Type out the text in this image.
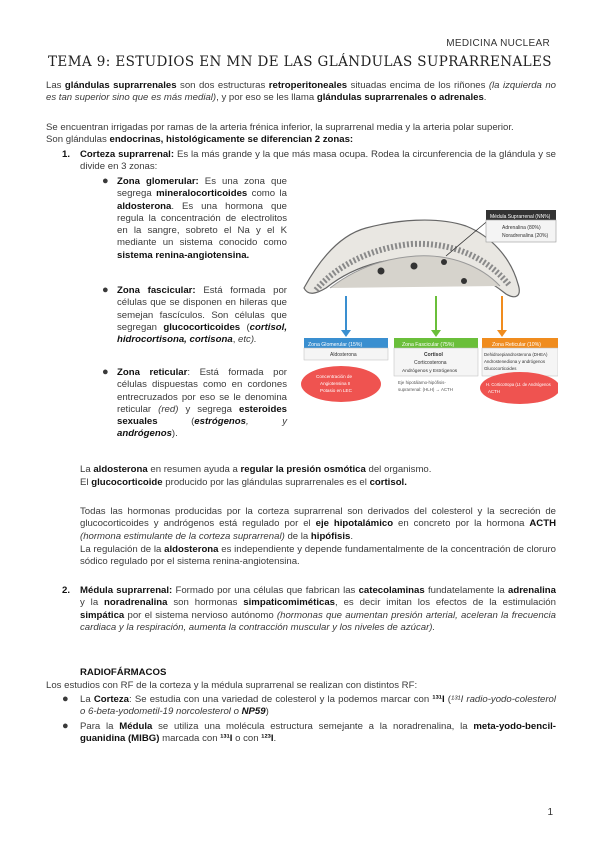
MEDICINA NUCLEAR
TEMA 9: ESTUDIOS EN MN DE LAS GLÁNDULAS SUPRARRENALES
Las glándulas suprarrenales son dos estructuras retroperitoneales situadas encima de los riñones (la izquierda no es tan superior sino que es más medial), y por eso se les llama glándulas suprarrenales o adrenales.
Se encuentran irrigadas por ramas de la arteria frénica inferior, la suprarrenal media y la arteria polar superior.
Son glándulas endocrinas, histológicamente se diferencian 2 zonas:
1. Corteza suprarrenal: Es la más grande y la que más masa ocupa. Rodea la circunferencia de la glándula y se divide en 3 zonas:
● Zona glomerular: Es una zona que segrega mineralocorticoides como la aldosterona. Es una hormona que regula la concentración de electrolitos en la sangre, sobreto el Na y el K mediante un sistema conocido como sistema renina-angiotensina.
● Zona fascicular: Está formada por células que se disponen en hileras que semejan fascículos. Son células que segregan glucocorticoides (cortisol, hidrocortisona, cortisona, etc).
● Zona reticular: Está formada por células dispuestas como en cordones entrecruzados por eso se le denomina reticular (red) y segrega esteroides sexuales (estrógenos, y andrógenos).
Médula Suprarrenal (NN%)
Adrenalina (80%)
Noradrenalina (20%)
Zona Glomerular (15%)
Aldosterona
Concentración de
Angiotensina II
Potasio en LEC
Zona Fascicular (75%)
Cortisol
Corticosterona
Andrógenos y Estrógenos
Eje hipotálamo-hipófisis-
suprarrenal: (HLH) → ACTH
Zona Reticular (10%)
Dehidroepiandrosterona (DHEA)
Androstenediona y andrógenos
Glucocorticoides
H. Corticotropa (Lt. de Andrógenos
ACTH
La aldosterona en resumen ayuda a regular la presión osmótica del organismo.
El glucocorticoide producido por las glándulas suprarrenales es el cortisol.
Todas las hormonas producidas por la corteza suprarrenal son derivados del colesterol y la secreción de glucocorticoides y andrógenos está regulado por el eje hipotalámico en concreto por la hormona ACTH (hormona estimulante de la corteza suprarrenal) de la hipófisis.
La regulación de la aldosterona es independiente y depende fundamentalmente de la concentración de cloruro sódico regulado por el sistema renina-angiotensina.
2. Médula suprarrenal: Formado por una células que fabrican las catecolaminas fundatelamente la adrenalina y la noradrenalina son hormonas simpaticomiméticas, es decir imitan los efectos de la estimulación simpática por el sistema nervioso autónomo (hormonas que aumentan presión arterial, aceleran la frecuencia cardiaca y la respiración, aumenta la contracción muscular y los niveles de azúcar).
RADIOFÁRMACOS
Los estudios con RF de la corteza y la médula suprarrenal se realizan con distintos RF:
● La Corteza: Se estudia con una variedad de colesterol y la podemos marcar con ¹³¹I (¹³¹I radio-yodo-colesterol o 6-beta-yodometil-19 norcolesterol o NP59)
● Para la Médula se utiliza una molécula estructura semejante a la noradrenalina, la meta-yodo-bencil-guanidina (MIBG) marcada con ¹³¹I o con ¹²³I.
1
